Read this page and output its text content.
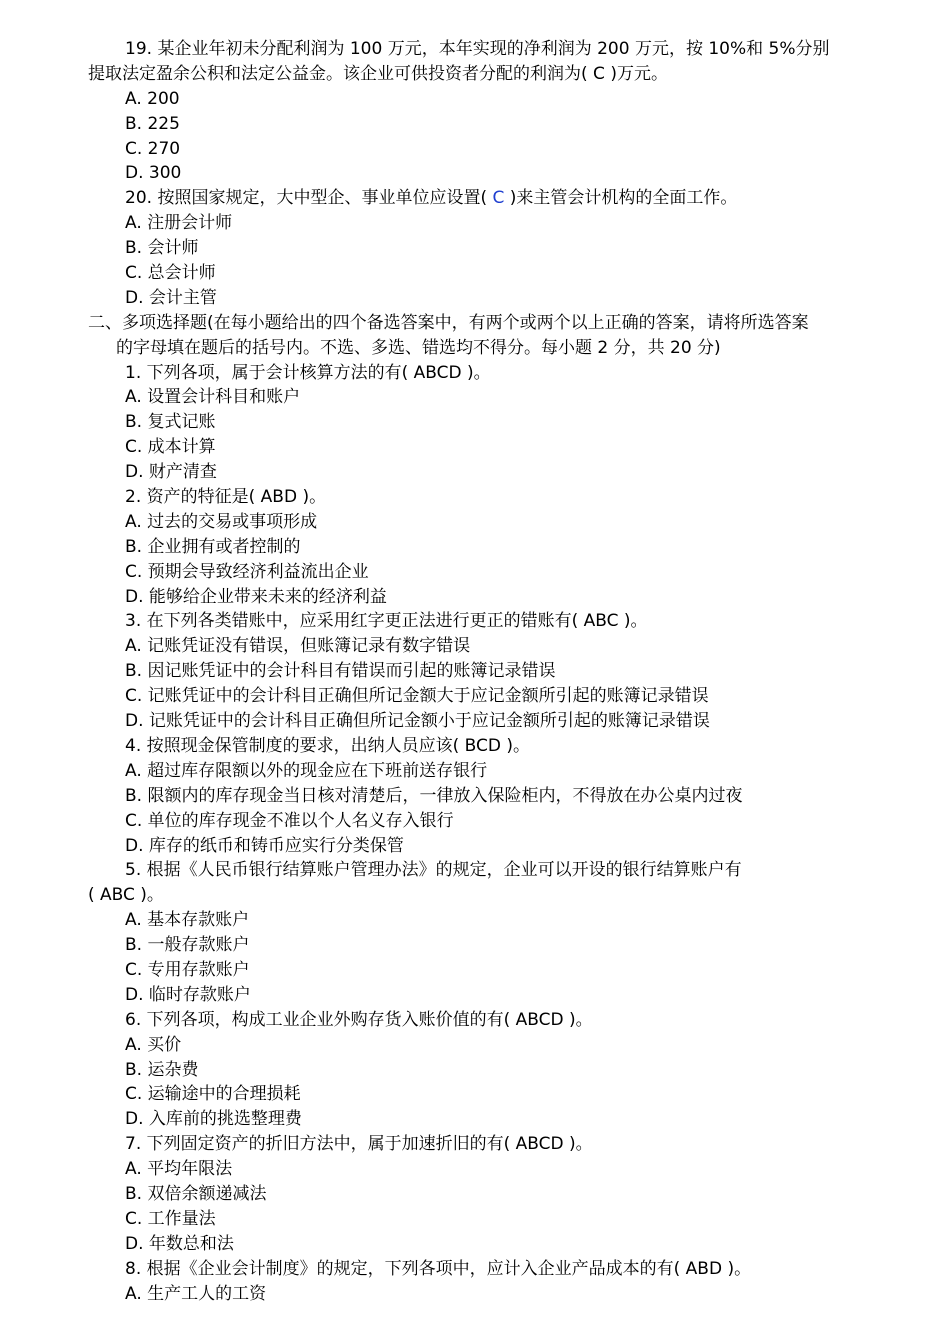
19. 某企业年初未分配利润为 100 万元，本年实现的净利润为 200 万元，按 10%和 5%分别
提取法定盈余公积和法定公益金。该企业可供投资者分配的利润为( C )万元。
A. 200
B. 225
C. 270
D. 300
20. 按照国家规定，大中型企、事业单位应设置( C )来主管会计机构的全面工作。
A. 注册会计师
B. 会计师
C. 总会计师
D. 会计主管
二、多项选择题(在每小题给出的四个备选答案中，有两个或两个以上正确的答案，请将所选答案
的字母填在题后的括号内。不选、多选、错选均不得分。每小题 2 分，共 20 分)
1. 下列各项，属于会计核算方法的有( ABCD )。
A. 设置会计科目和账户
B. 复式记账
C. 成本计算
D. 财产清查
2. 资产的特征是( ABD )。
A. 过去的交易或事项形成
B. 企业拥有或者控制的
C. 预期会导致经济利益流出企业
D. 能够给企业带来未来的经济利益
3. 在下列各类错账中，应采用红字更正法进行更正的错账有( ABC )。
A. 记账凭证没有错误，但账簿记录有数字错误
B. 因记账凭证中的会计科目有错误而引起的账簿记录错误
C. 记账凭证中的会计科目正确但所记金额大于应记金额所引起的账簿记录错误
D. 记账凭证中的会计科目正确但所记金额小于应记金额所引起的账簿记录错误
4. 按照现金保管制度的要求，出纳人员应该( BCD )。
A. 超过库存限额以外的现金应在下班前送存银行
B. 限额内的库存现金当日核对清楚后，一律放入保险柜内，不得放在办公桌内过夜
C. 单位的库存现金不准以个人名义存入银行
D. 库存的纸币和铸币应实行分类保管
5. 根据《人民币银行结算账户管理办法》的规定，企业可以开设的银行结算账户有
( ABC )。
A. 基本存款账户
B. 一般存款账户
C. 专用存款账户
D. 临时存款账户
6. 下列各项，构成工业企业外购存货入账价值的有( ABCD )。
A. 买价
B. 运杂费
C. 运输途中的合理损耗
D. 入库前的挑选整理费
7. 下列固定资产的折旧方法中，属于加速折旧的有( ABCD )。
A. 平均年限法
B. 双倍余额递减法
C. 工作量法
D. 年数总和法
8. 根据《企业会计制度》的规定，下列各项中，应计入企业产品成本的有( ABD )。
A. 生产工人的工资
